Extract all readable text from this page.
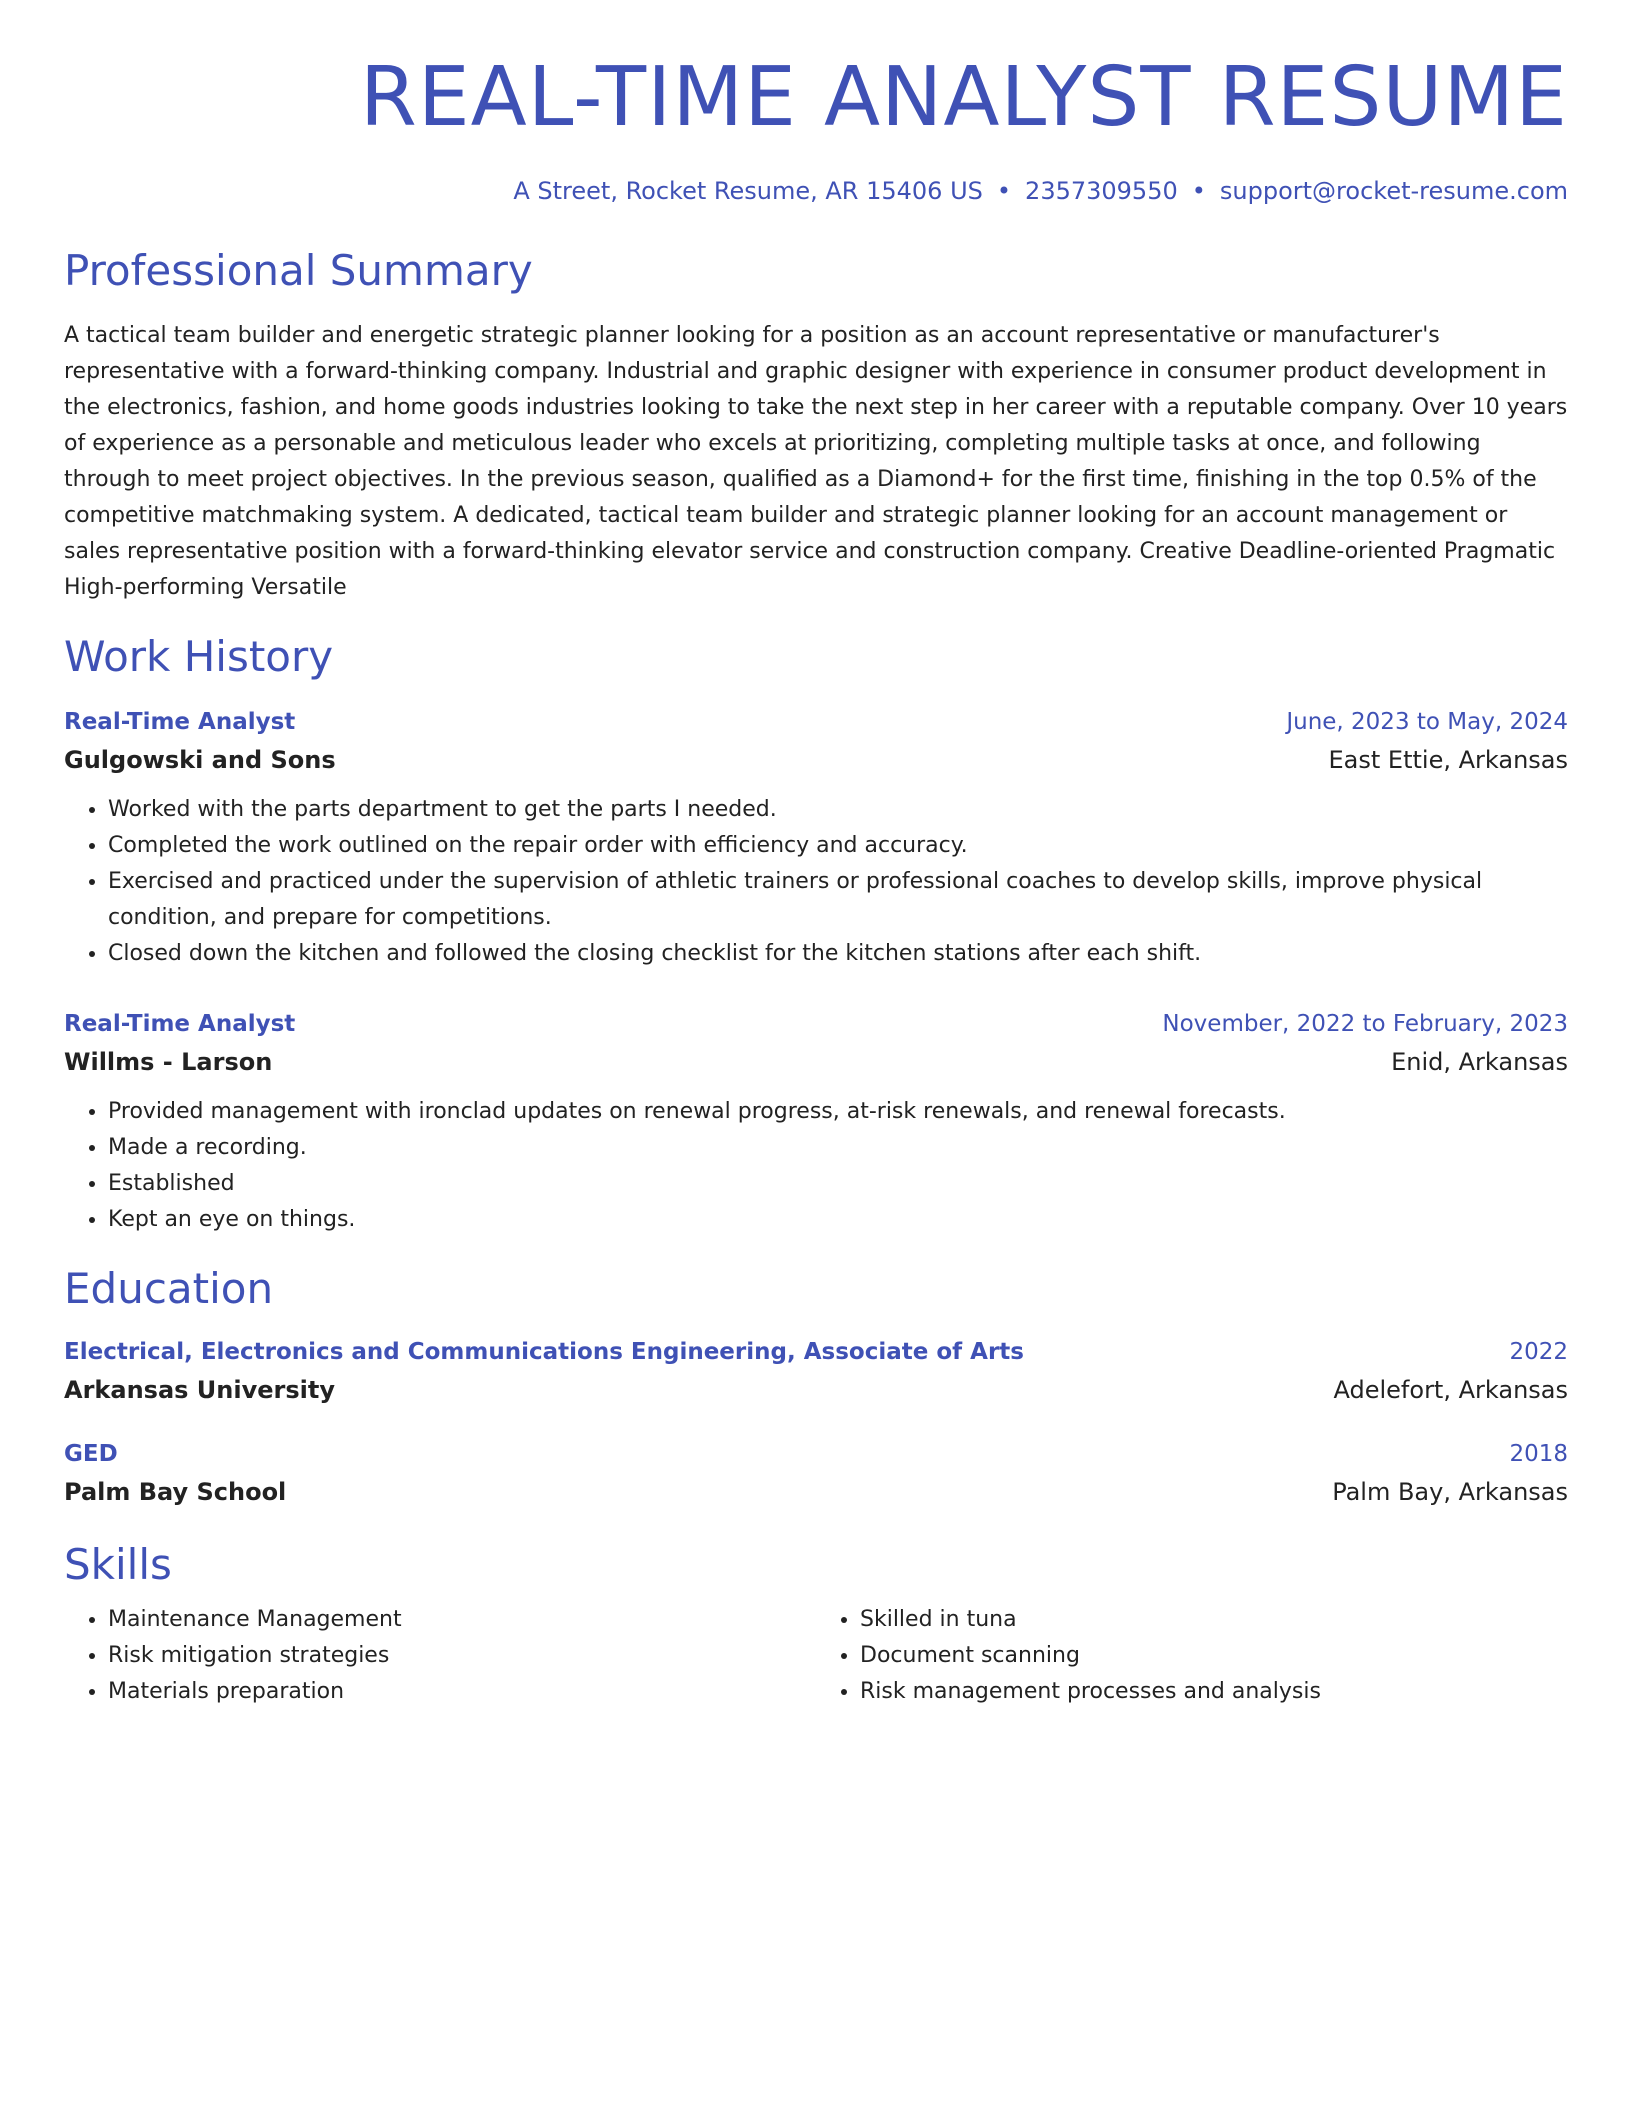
REAL-TIME ANALYST RESUME
A Street, Rocket Resume, AR 15406 US • 2357309550 • support@rocket-resume.com
Professional Summary
A tactical team builder and energetic strategic planner looking for a position as an account representative or manufacturer's representative with a forward-thinking company. Industrial and graphic designer with experience in consumer product development in the electronics, fashion, and home goods industries looking to take the next step in her career with a reputable company. Over 10 years of experience as a personable and meticulous leader who excels at prioritizing, completing multiple tasks at once, and following through to meet project objectives. In the previous season, qualified as a Diamond+ for the first time, finishing in the top 0.5% of the competitive matchmaking system. A dedicated, tactical team builder and strategic planner looking for an account management or sales representative position with a forward-thinking elevator service and construction company. Creative Deadline-oriented Pragmatic High-performing Versatile
Work History
Real-Time Analyst	June, 2023 to May, 2024
Gulgowski and Sons	East Ettie, Arkansas
• Worked with the parts department to get the parts I needed.
• Completed the work outlined on the repair order with efficiency and accuracy.
• Exercised and practiced under the supervision of athletic trainers or professional coaches to develop skills, improve physical condition, and prepare for competitions.
• Closed down the kitchen and followed the closing checklist for the kitchen stations after each shift.
Real-Time Analyst	November, 2022 to February, 2023
Willms - Larson	Enid, Arkansas
• Provided management with ironclad updates on renewal progress, at-risk renewals, and renewal forecasts.
• Made a recording.
• Established
• Kept an eye on things.
Education
Electrical, Electronics and Communications Engineering, Associate of Arts	2022
Arkansas University	Adelefort, Arkansas
GED	2018
Palm Bay School	Palm Bay, Arkansas
Skills
• Maintenance Management
• Risk mitigation strategies
• Materials preparation
• Skilled in tuna
• Document scanning
• Risk management processes and analysis
